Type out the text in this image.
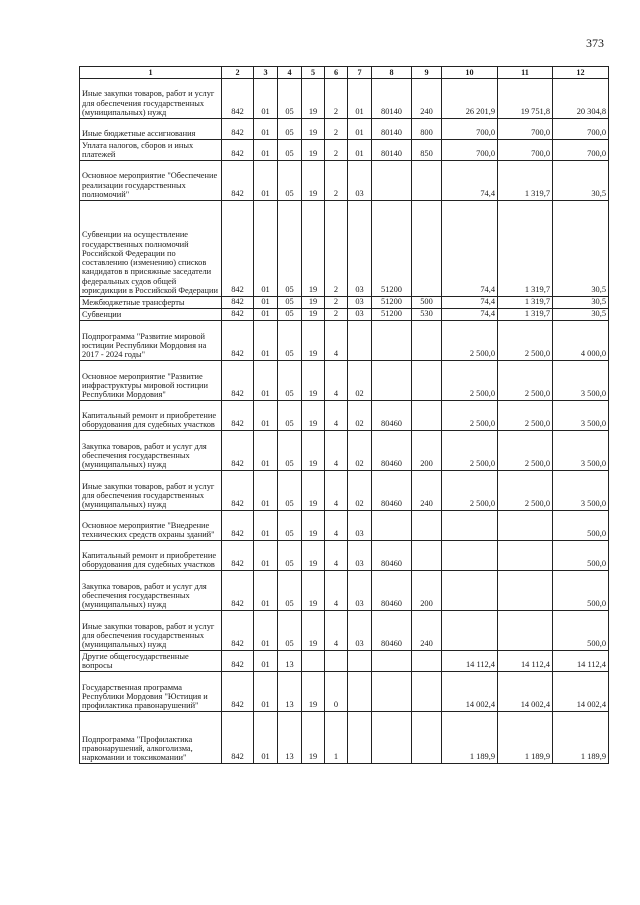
373
1	2	3	4	5	6	7	8	9	10	11	12
Иные закупки товаров, работ и услуг для обеспечения государственных (муниципальных) нужд	842	01	05	19	2	01	80140	240	26 201,9	19 751,8	20 304,8
Иные бюджетные ассигнования	842	01	05	19	2	01	80140	800	700,0	700,0	700,0
Уплата налогов, сборов и иных платежей	842	01	05	19	2	01	80140	850	700,0	700,0	700,0
Основное мероприятие "Обеспечение реализации государственных полномочий"	842	01	05	19	2	03			74,4	1 319,7	30,5
Субвенции на осуществление государственных полномочий Российской Федерации по составлению (изменению) списков кандидатов в присяжные заседатели федеральных судов общей юрисдикции в Российской Федерации	842	01	05	19	2	03	51200		74,4	1 319,7	30,5
Межбюджетные трансферты	842	01	05	19	2	03	51200	500	74,4	1 319,7	30,5
Субвенции	842	01	05	19	2	03	51200	530	74,4	1 319,7	30,5
Подпрограмма "Развитие мировой юстиции Республики Мордовия на 2017 - 2024 годы"	842	01	05	19	4				2 500,0	2 500,0	4 000,0
Основное мероприятие "Развитие инфраструктуры мировой юстиции Республики Мордовия"	842	01	05	19	4	02			2 500,0	2 500,0	3 500,0
Капитальный ремонт и приобретение оборудования для судебных участков	842	01	05	19	4	02	80460		2 500,0	2 500,0	3 500,0
Закупка товаров, работ и услуг для обеспечения государственных (муниципальных) нужд	842	01	05	19	4	02	80460	200	2 500,0	2 500,0	3 500,0
Иные закупки товаров, работ и услуг для обеспечения государственных (муниципальных) нужд	842	01	05	19	4	02	80460	240	2 500,0	2 500,0	3 500,0
Основное мероприятие "Внедрение технических средств охраны зданий"	842	01	05	19	4	03					500,0
Капитальный ремонт и приобретение оборудования для судебных участков	842	01	05	19	4	03	80460				500,0
Закупка товаров, работ и услуг для обеспечения государственных (муниципальных) нужд	842	01	05	19	4	03	80460	200			500,0
Иные закупки товаров, работ и услуг для обеспечения государственных (муниципальных) нужд	842	01	05	19	4	03	80460	240			500,0
Другие общегосударственные вопросы	842	01	13						14 112,4	14 112,4	14 112,4
Государственная программа Республики Мордовия "Юстиция и профилактика правонарушений"	842	01	13	19	0				14 002,4	14 002,4	14 002,4
Подпрограмма "Профилактика правонарушений, алкоголизма, наркомании и токсикомании"	842	01	13	19	1				1 189,9	1 189,9	1 189,9
